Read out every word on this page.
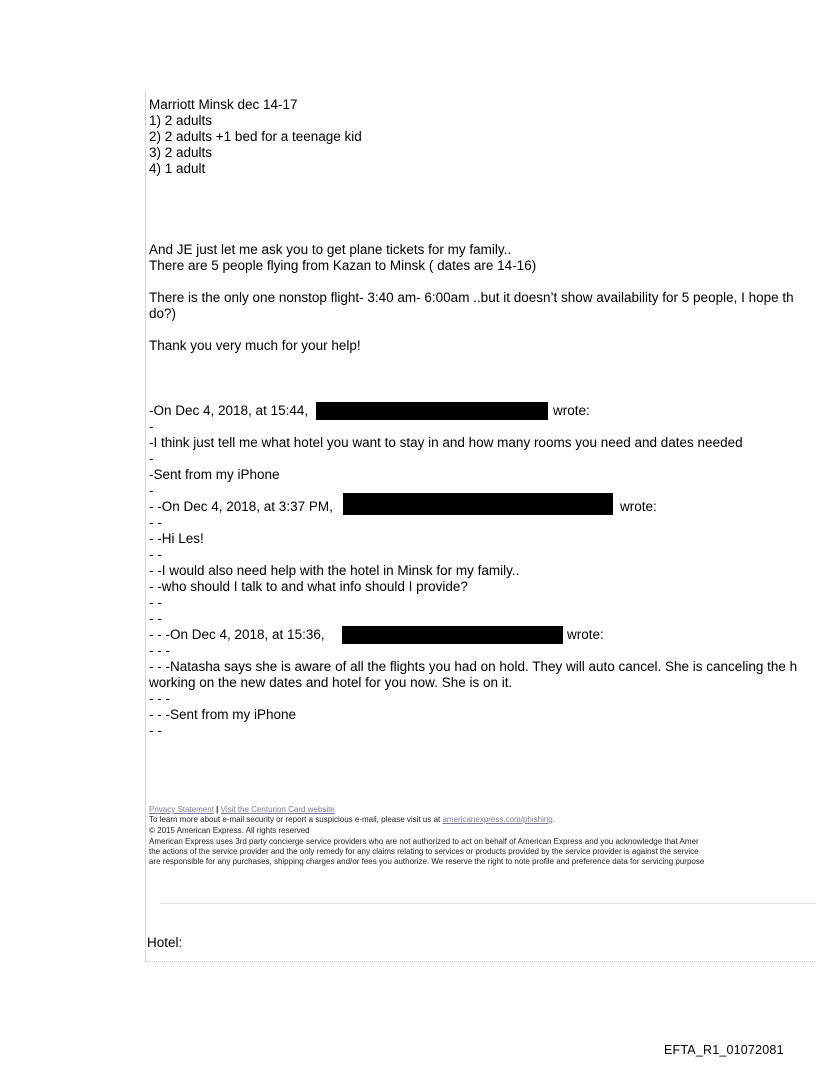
Marriott Minsk dec 14-17
1) 2 adults
2) 2 adults +1 bed for a teenage kid
3) 2 adults
4) 1 adult
And JE just let me ask you to get plane tickets for my family..
There are 5 people flying from Kazan to Minsk ( dates are 14-16)
There is the only one nonstop flight- 3:40 am- 6:00am ..but it doesn’t show availability for 5 people, I hope th
do?)
Thank you very much for your help!
-On Dec 4, 2018, at 15:44,	wrote:
-
-I think just tell me what hotel you want to stay in and how many rooms you need and dates needed
-
-Sent from my iPhone
-
- -On Dec 4, 2018, at 3:37 PM,	wrote:
- -
- -Hi Les!
- -
- -I would also need help with the hotel in Minsk for my family..
- -who should I talk to and what info should I provide?
- -
- -
- - -On Dec 4, 2018, at 15:36,	wrote:
- - -
- - -Natasha says she is aware of all the flights you had on hold. They will auto cancel. She is canceling the h
working on the new dates and hotel for you now. She is on it.
- - -
- - -Sent from my iPhone
- -
Privacy Statement | Visit the Centurion Card website
To learn more about e-mail security or report a suspicious e-mail, please visit us at americanexpress.com/phishing.
© 2015 American Express. All rights reserved
American Express uses 3rd party concierge service providers who are not authorized to act on behalf of American Express and you acknowledge that Amer
the actions of the service provider and the only remedy for any claims relating to services or products provided by the service provider is against the service
are responsible for any purchases, shipping charges and/or fees you authorize. We reserve the right to note profile and preference data for servicing purpose
Hotel:
EFTA_R1_01072081
